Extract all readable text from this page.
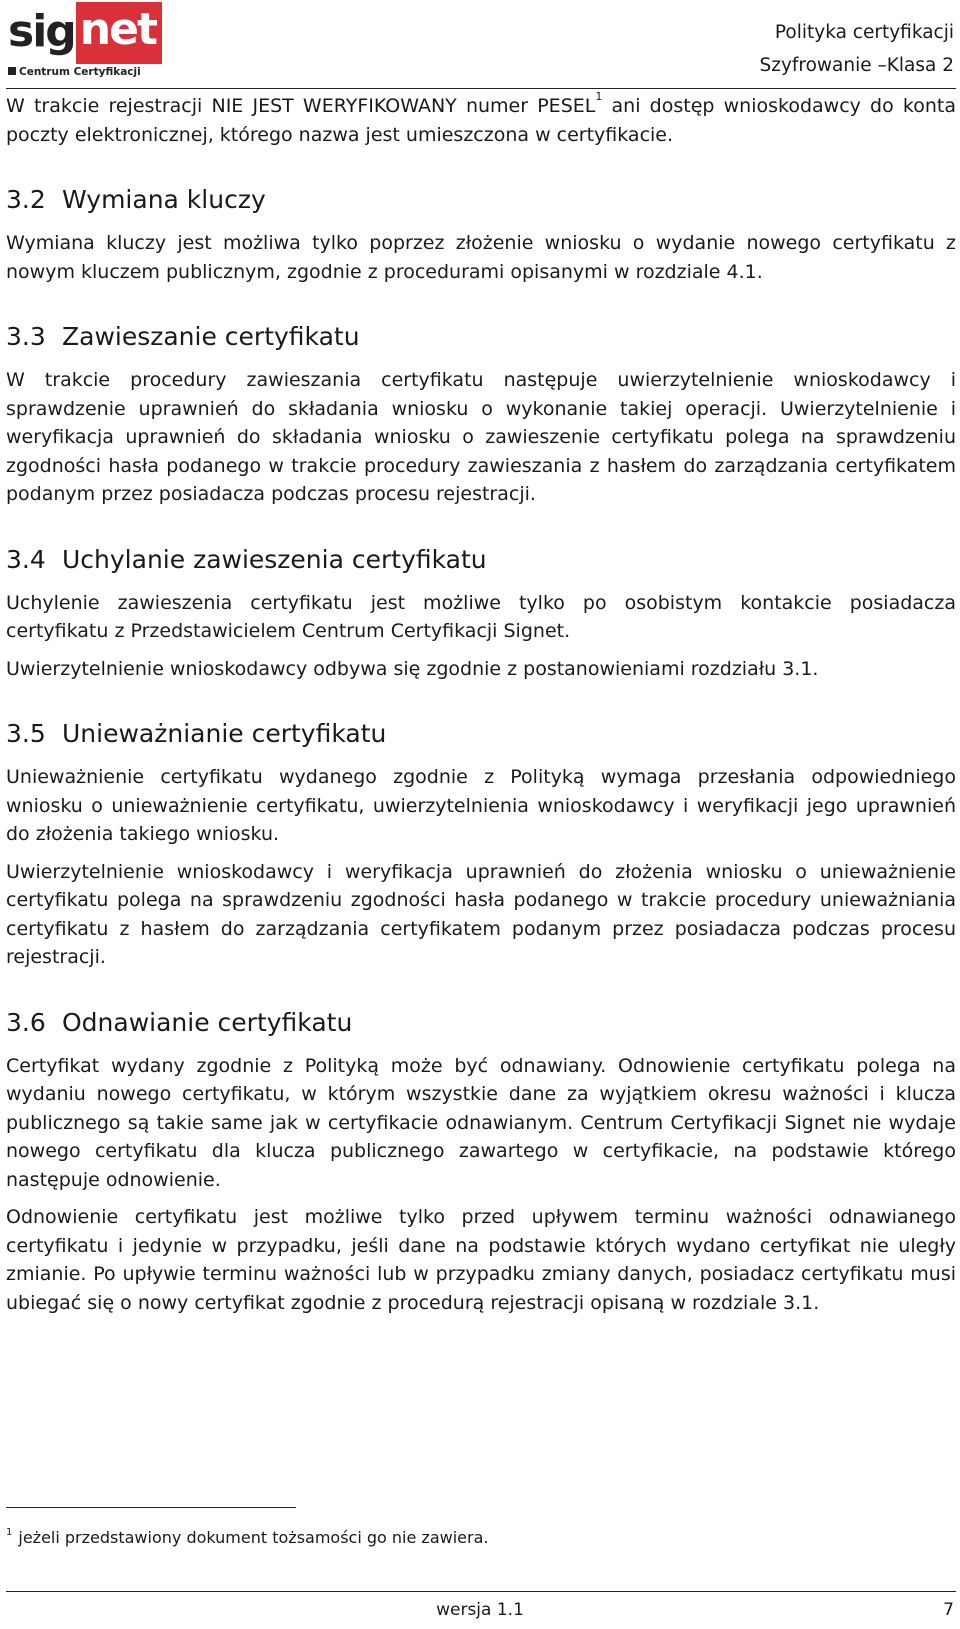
sig net
Centrum Certyfikacji
Polityka certyfikacji
Szyfrowanie –Klasa 2

W trakcie rejestracji NIE JEST WERYFIKOWANY numer PESEL$^1$ ani dostęp wnioskodawcy do konta poczty elektronicznej, którego nazwa jest umieszczona w certyfikacie.

3.2 Wymiana kluczy

Wymiana kluczy jest możliwa tylko poprzez złożenie wniosku o wydanie nowego certyfikatu z nowym kluczem publicznym, zgodnie z procedurami opisanymi w rozdziale 4.1.

3.3 Zawieszanie certyfikatu

W trakcie procedury zawieszania certyfikatu następuje uwierzytelnienie wnioskodawcy i sprawdzenie uprawnień do składania wniosku o wykonanie takiej operacji. Uwierzytelnienie i weryfikacja uprawnień do składania wniosku o zawieszenie certyfikatu polega na sprawdzeniu zgodności hasła podanego w trakcie procedury zawieszania z hasłem do zarządzania certyfikatem podanym przez posiadacza podczas procesu rejestracji.

3.4 Uchylanie zawieszenia certyfikatu

Uchylenie zawieszenia certyfikatu jest możliwe tylko po osobistym kontakcie posiadacza certyfikatu z Przedstawicielem Centrum Certyfikacji Signet.

Uwierzytelnienie wnioskodawcy odbywa się zgodnie z postanowieniami rozdziału 3.1.

3.5 Unieważnianie certyfikatu

Unieważnienie certyfikatu wydanego zgodnie z Polityką wymaga przesłania odpowiedniego wniosku o unieważnienie certyfikatu, uwierzytelnienia wnioskodawcy i weryfikacji jego uprawnień do złożenia takiego wniosku.

Uwierzytelnienie wnioskodawcy i weryfikacja uprawnień do złożenia wniosku o unieważnienie certyfikatu polega na sprawdzeniu zgodności hasła podanego w trakcie procedury unieważniania certyfikatu z hasłem do zarządzania certyfikatem podanym przez posiadacza podczas procesu rejestracji.

3.6 Odnawianie certyfikatu

Certyfikat wydany zgodnie z Polityką może być odnawiany. Odnowienie certyfikatu polega na wydaniu nowego certyfikatu, w którym wszystkie dane za wyjątkiem okresu ważności i klucza publicznego są takie same jak w certyfikacie odnawianym. Centrum Certyfikacji Signet nie wydaje nowego certyfikatu dla klucza publicznego zawartego w certyfikacie, na podstawie którego następuje odnowienie.

Odnowienie certyfikatu jest możliwe tylko przed upływem terminu ważności odnawianego certyfikatu i jedynie w przypadku, jeśli dane na podstawie których wydano certyfikat nie uległy zmianie. Po upływie terminu ważności lub w przypadku zmiany danych, posiadacz certyfikatu musi ubiegać się o nowy certyfikat zgodnie z procedurą rejestracji opisaną w rozdziale 3.1.

$^1$ jeżeli przedstawiony dokument tożsamości go nie zawiera.
wersja 1.1	7
